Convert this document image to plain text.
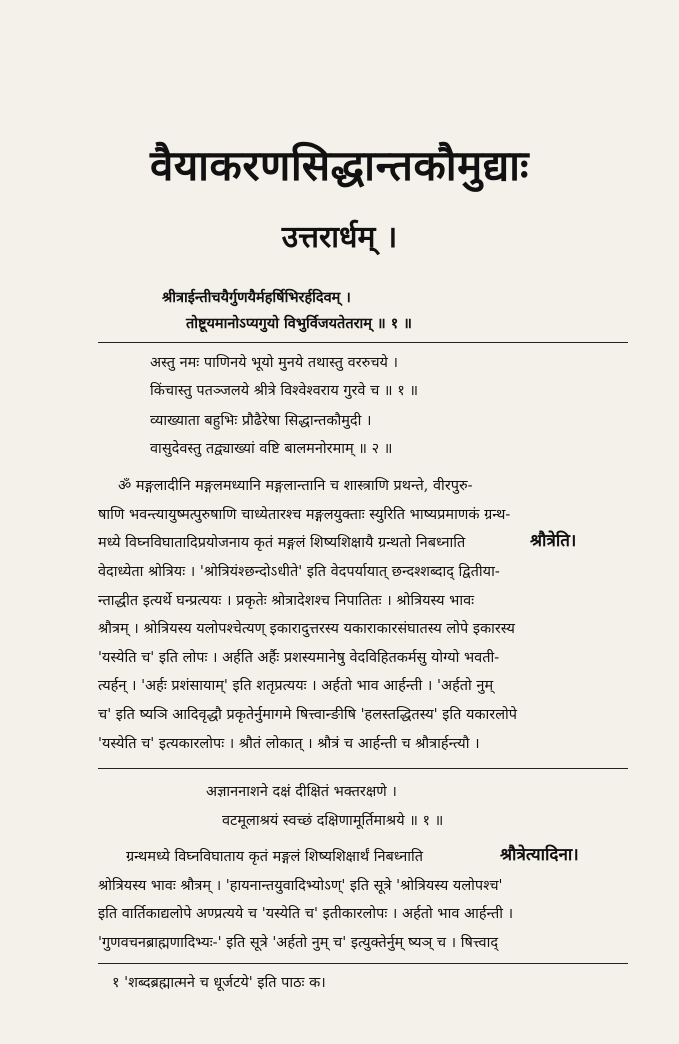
वैयाकरणसिद्धान्तकौमुद्याः
उत्तरार्धम् ।
श्रीत्राईन्तीचयैर्गुणयैर्महर्षिभिरर्हदिवम् ।
तोष्टूयमानोऽप्यगुयो विभुर्विजयतेतराम् ॥ १ ॥
अस्तु नमः पाणिनये भूयो मुनये तथास्तु वररुचये ।
किंचास्तु पतञ्जलये श्रीत्रे विश्वेश्वराय गुरवे च ॥ १ ॥
व्याख्याता बहुभिः प्रौढैरेषा सिद्धान्तकौमुदी ।
वासुदेवस्तु तद्व्याख्यां वष्टि बालमनोरमाम् ॥ २ ॥
ॐ मङ्गलादीनि मङ्गलमध्यानि मङ्गलान्तानि च शास्त्राणि प्रथन्ते, वीरपुरु-
षाणि भवन्त्यायुष्मत्पुरुषाणि चाध्येतारश्च मङ्गलयुक्ताः स्युरिति भाष्यप्रमाणकं ग्रन्थ-
मध्ये विघ्नविघातादिप्रयोजनाय कृतं मङ्गलं शिष्यशिक्षायै ग्रन्थतो निबध्नाति	श्रौत्रेति।
वेदाध्येता श्रोत्रियः । 'श्रोत्रियंश्छन्दोऽधीते' इति वेदपर्यायात् छन्दश्शब्दाद् द्वितीया-
न्ताद्धीत इत्यर्थे घन्प्रत्ययः । प्रकृतेः श्रोत्रादेशश्च निपातितः । श्रोत्रियस्य भावः
श्रौत्रम् । श्रोत्रियस्य यलोपश्चेत्यण् इकारादुत्तरस्य यकाराकारसंघातस्य लोपे इकारस्य
'यस्येति च' इति लोपः । अर्हति अर्हैः प्रशस्यमानेषु वेदविहितकर्मसु योग्यो भवती-
त्यर्हन् । 'अर्हः प्रशंसायाम्' इति शतृप्रत्ययः । अर्हतो भाव आर्हन्ती । 'अर्हतो नुम्
च' इति ष्यञि आदिवृद्धौ प्रकृतेर्नुमागमे षित्त्वान्ङीषि 'हलस्तद्धितस्य' इति यकारलोपे
'यस्येति च' इत्यकारलोपः । श्रौतं लोकात् । श्रौत्रं च आर्हन्ती च श्रौत्रार्हन्त्यौ ।
अज्ञाननाशने दक्षं दीक्षितं भक्तरक्षणे ।
वटमूलाश्रयं स्वच्छं दक्षिणामूर्तिमाश्रये ॥ १ ॥
ग्रन्थमध्ये विघ्नविघाताय कृतं मङ्गलं शिष्यशिक्षार्थं निबध्नाति	श्रौत्रेत्यादिना।
श्रोत्रियस्य भावः श्रौत्रम् । 'हायनान्तयुवादिभ्योऽण्' इति सूत्रे 'श्रोत्रियस्य यलोपश्च'
इति वार्तिकाद्यलोपे अण्प्रत्यये च 'यस्येति च' इतीकारलोपः । अर्हतो भाव आर्हन्ती ।
'गुणवचनब्राह्मणादिभ्यः-' इति सूत्रे 'अर्हतो नुम् च' इत्युक्तेर्नुम् ष्यञ् च । षित्त्वाद्
१ 'शब्दब्रह्मात्मने च धूर्जटये' इति पाठः क।
